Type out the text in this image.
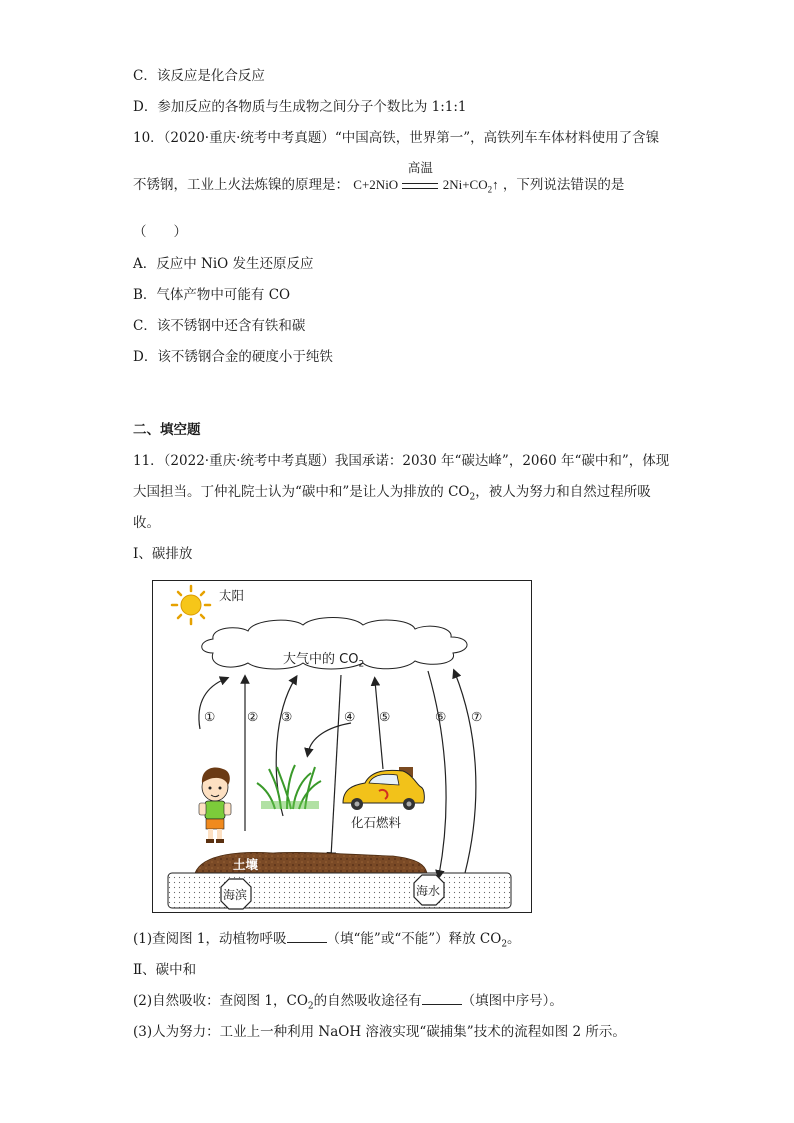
C．该反应是化合反应
D．参加反应的各物质与生成物之间分子个数比为 1:1:1
10．（2020·重庆·统考中考真题）“中国高铁，世界第一”，高铁列车车体材料使用了含镍
不锈钢，工业上火法炼镍的原理是： C+2NiO
高温
$2Ni+CO_2↑$ ，下列说法错误的是
（　　）
A．反应中 NiO 发生还原反应
B．气体产物中可能有 CO
C．该不锈钢中还含有铁和碳
D．该不锈钢合金的硬度小于纯铁
二、填空题
11．（2022·重庆·统考中考真题）我国承诺：2030 年“碳达峰”，2060 年“碳中和”，体现
大国担当。丁仲礼院士认为“碳中和”是让人为排放的 $CO_2$，被人为努力和自然过程所吸
收。
Ⅰ、碳排放
太阳
大气中的 $CO_2$
①	② ③	④ ⑤	⑥ ⑦
化石燃料
土壤
海滨	海水
(1)查阅图 1，动植物呼吸	（填“能”或“不能”）释放 $CO_2$。
Ⅱ、碳中和
(2)自然吸收：查阅图 1，$CO_2$的自然吸收途径有	（填图中序号）。
(3)人为努力：工业上一种利用 NaOH 溶液实现“碳捕集”技术的流程如图 2 所示。
